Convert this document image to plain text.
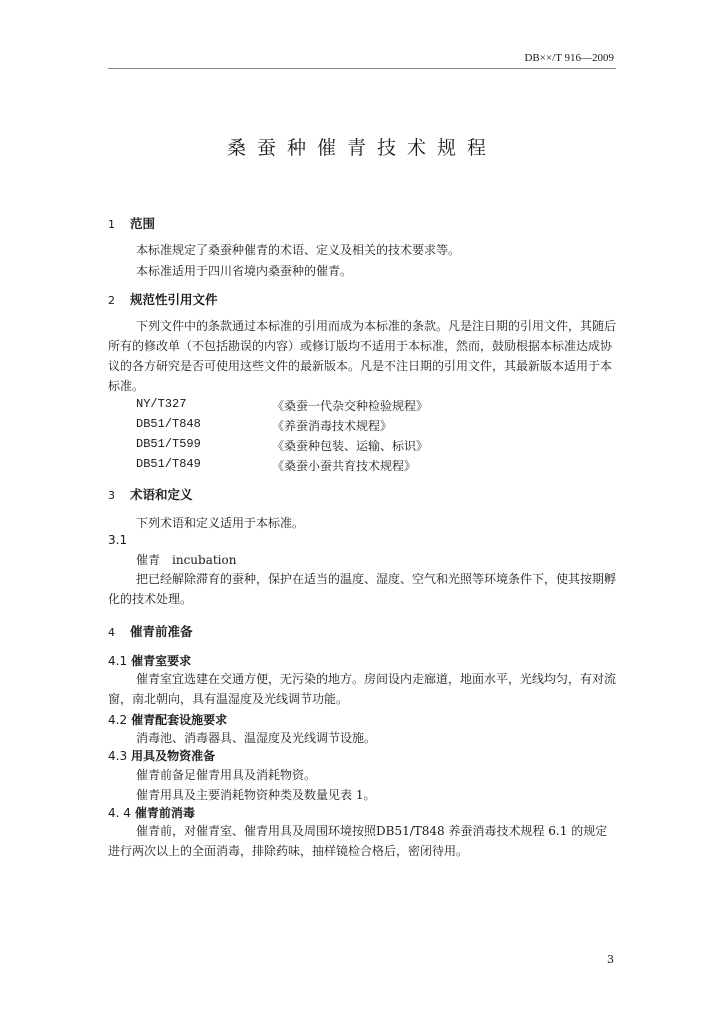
DB××/T 916—2009
桑蚕种催青技术规程
1 范围
本标准规定了桑蚕种催青的术语、定义及相关的技术要求等。
本标准适用于四川省境内桑蚕种的催青。
2 规范性引用文件
下列文件中的条款通过本标准的引用而成为本标准的条款。凡是注日期的引用文件，其随后所有的修改单（不包括勘误的内容）或修订版均不适用于本标准，然而，鼓励根据本标准达成协议的各方研究是否可使用这些文件的最新版本。凡是不注日期的引用文件，其最新版本适用于本标准。
NY/T327	《桑蚕一代杂交种检验规程》
DB51/T848	《养蚕消毒技术规程》
DB51/T599	《桑蚕种包装、运输、标识》
DB51/T849	《桑蚕小蚕共育技术规程》
3 术语和定义
下列术语和定义适用于本标准。
3.1
催青　incubation
把已经解除滞育的蚕种，保护在适当的温度、湿度、空气和光照等环境条件下，使其按期孵化的技术处理。
4 催青前准备
4.1 催青室要求
催青室宜选建在交通方便，无污染的地方。房间设内走廊道，地面水平，光线均匀，有对流窗，南北朝向，具有温湿度及光线调节功能。
4.2 催青配套设施要求
消毒池、消毒器具、温湿度及光线调节设施。
4.3 用具及物资准备
催青前备足催青用具及消耗物资。
催青用具及主要消耗物资种类及数量见表 1。
4. 4 催青前消毒
催青前，对催青室、催青用具及周围环境按照DB51/T848 养蚕消毒技术规程 6.1 的规定进行两次以上的全面消毒，排除药味，抽样镜检合格后，密闭待用。
3
